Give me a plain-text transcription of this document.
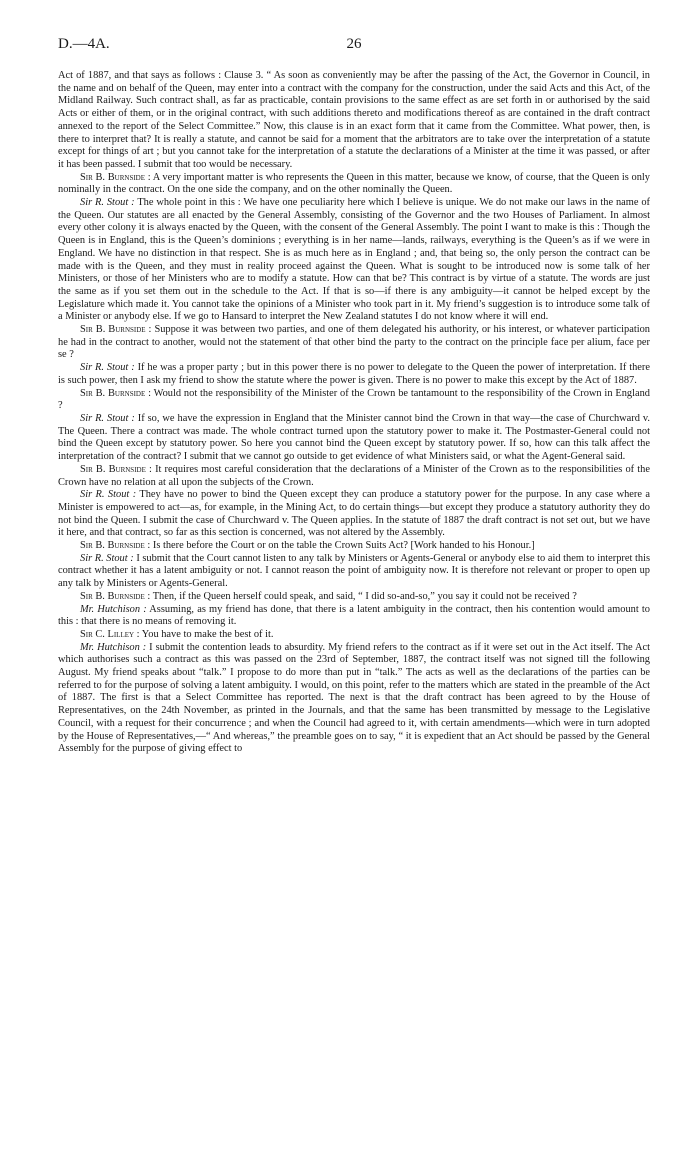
D.—4A.	26

Act of 1887, and that says as follows : Clause 3. “ As soon as conveniently may be after the passing of the Act, the Governor in Council, in the name and on behalf of the Queen, may enter into a contract with the company for the construction, under the said Acts and this Act, of the Midland Railway. Such contract shall, as far as practicable, contain provisions to the same effect as are set forth in or authorised by the said Acts or either of them, or in the original contract, with such additions thereto and modifications thereof as are contained in the draft contract annexed to the report of the Select Committee.” Now, this clause is in an exact form that it came from the Committee. What power, then, is there to interpret that? It is really a statute, and cannot be said for a moment that the arbitrators are to take over the interpretation of a statute except for things of art ; but you cannot take for the interpretation of a statute the declarations of a Minister at the time it was passed, or after it has been passed. I submit that too would be necessary.

Sir B. Burnside : A very important matter is who represents the Queen in this matter, because we know, of course, that the Queen is only nominally in the contract. On the one side the company, and on the other nominally the Queen.

Sir R. Stout : The whole point in this : We have one peculiarity here which I believe is unique. We do not make our laws in the name of the Queen. Our statutes are all enacted by the General Assembly, consisting of the Governor and the two Houses of Parliament. In almost every other colony it is always enacted by the Queen, with the consent of the General Assembly. The point I want to make is this : Though the Queen is in England, this is the Queen’s dominions ; everything is in her name—lands, railways, everything is the Queen’s as if we were in England. We have no distinction in that respect. She is as much here as in England ; and, that being so, the only person the contract can be made with is the Queen, and they must in reality proceed against the Queen. What is sought to be introduced now is some talk of her Ministers, or those of her Ministers who are to modify a statute. How can that be? This contract is by virtue of a statute. The words are just the same as if you set them out in the schedule to the Act. If that is so—if there is any ambiguity—it cannot be helped except by the Legislature which made it. You cannot take the opinions of a Minister who took part in it. My friend’s suggestion is to introduce some talk of a Minister or anybody else. If we go to Hansard to interpret the New Zealand statutes I do not know where it will end.

Sir B. Burnside : Suppose it was between two parties, and one of them delegated his authority, or his interest, or whatever participation he had in the contract to another, would not the statement of that other bind the party to the contract on the principle face per alium, face per se ?

Sir R. Stout : If he was a proper party ; but in this power there is no power to delegate to the Queen the power of interpretation. If there is such power, then I ask my friend to show the statute where the power is given. There is no power to make this except by the Act of 1887.

Sir B. Burnside : Would not the responsibility of the Minister of the Crown be tantamount to the responsibility of the Crown in England ?

Sir R. Stout : If so, we have the expression in England that the Minister cannot bind the Crown in that way—the case of Churchward v. The Queen. There a contract was made. The whole contract turned upon the statutory power to make it. The Postmaster-General could not bind the Queen except by statutory power. So here you cannot bind the Queen except by statutory power. If so, how can this talk affect the interpretation of the contract? I submit that we cannot go outside to get evidence of what Ministers said, or what the Agent-General said.

Sir B. Burnside : It requires most careful consideration that the declarations of a Minister of the Crown as to the responsibilities of the Crown have no relation at all upon the subjects of the Crown.

Sir R. Stout : They have no power to bind the Queen except they can produce a statutory power for the purpose. In any case where a Minister is empowered to act—as, for example, in the Mining Act, to do certain things—but except they produce a statutory authority they do not bind the Queen. I submit the case of Churchward v. The Queen applies. In the statute of 1887 the draft contract is not set out, but we have it here, and that contract, so far as this section is concerned, was not altered by the Assembly.

Sir B. Burnside : Is there before the Court or on the table the Crown Suits Act? [Work handed to his Honour.]

Sir R. Stout : I submit that the Court cannot listen to any talk by Ministers or Agents-General or anybody else to aid them to interpret this contract whether it has a latent ambiguity or not. I cannot reason the point of ambiguity now. It is therefore not relevant or proper to open up any talk by Ministers or Agents-General.

Sir B. Burnside : Then, if the Queen herself could speak, and said, “ I did so-and-so,” you say it could not be received ?

Mr. Hutchison : Assuming, as my friend has done, that there is a latent ambiguity in the contract, then his contention would amount to this : that there is no means of removing it.

Sir C. Lilley : You have to make the best of it.

Mr. Hutchison : I submit the contention leads to absurdity. My friend refers to the contract as if it were set out in the Act itself. The Act which authorises such a contract as this was passed on the 23rd of September, 1887, the contract itself was not signed till the following August. My friend speaks about “talk.” I propose to do more than put in “talk.” The acts as well as the declarations of the parties can be referred to for the purpose of solving a latent ambiguity. I would, on this point, refer to the matters which are stated in the preamble of the Act of 1887. The first is that a Select Committee has reported. The next is that the draft contract has been agreed to by the House of Representatives, on the 24th November, as printed in the Journals, and that the same has been transmitted by message to the Legislative Council, with a request for their concurrence ; and when the Council had agreed to it, with certain amendments—which were in turn adopted by the House of Representatives,—“ And whereas,” the preamble goes on to say, “ it is expedient that an Act should be passed by the General Assembly for the purpose of giving effect to
